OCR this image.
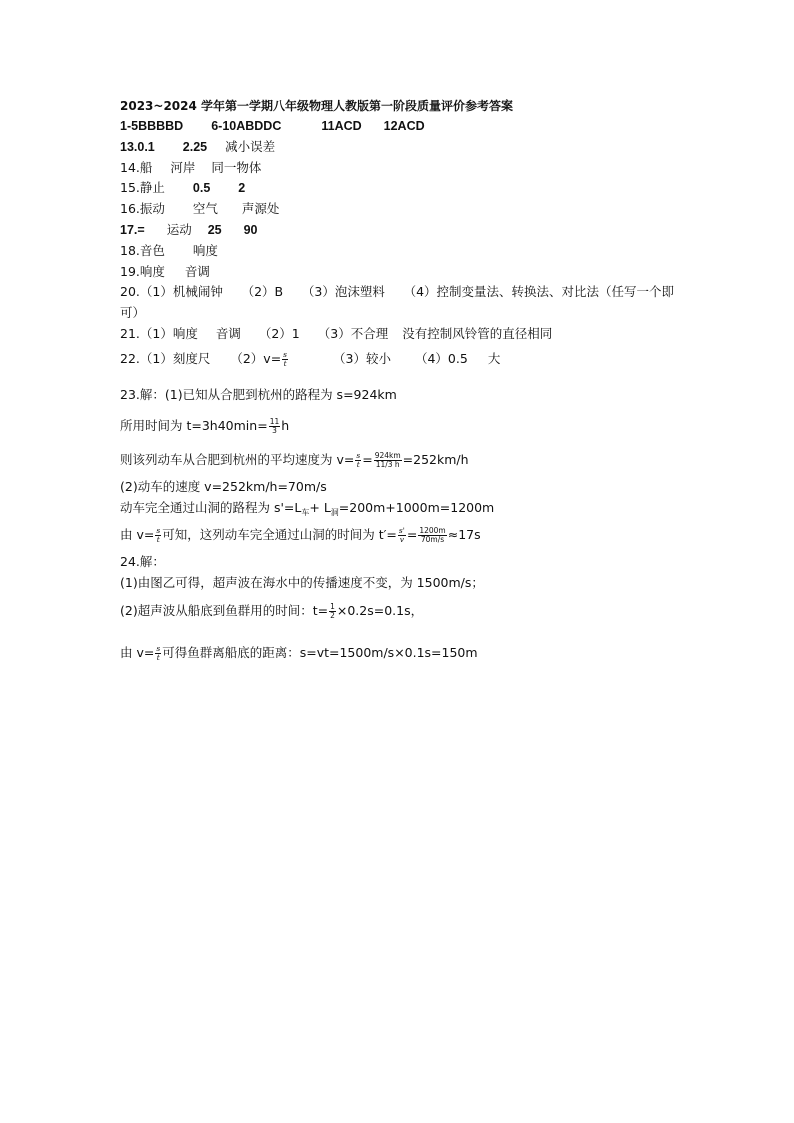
2023~2024 学年第一学期八年级物理人教版第一阶段质量评价参考答案
1-5BBBBD 6-10ABDDC	11ACD 12ACD
13.0.1 2.25 减小误差
14.船 河岸 同一物体
15.静止 0.5 2
16.振动 空气 声源处
17.= 运动 25 90
18.音色 响度
19.响度 音调
20.（1）机械闹钟　　（2）B　　（3）泡沫塑料　　（4）控制变量法、转换法、对比法（任写一个即可）
21.（1）响度 音调 （2）1 （3）不合理 没有控制风铃管的直径相同
22.（1）刻度尺 $(2)v= \frac{s}{t}$	（3）较小 （4）0.5 大
23.解：(1)已知从合肥到杭州的路程为 s=924km
所用时间为 $t=3h40\min= \frac{11}{3}$ h
则该列动车从合肥到杭州的平均速度为 $v= \frac{s}{t} = \frac{924km}{11/3 h} =252km/h$
(2)动车的速度 v=252km/h=70m/s
动车完全通过山洞的路程为 $s'=L_车+ L_洞=200m+1000m=1200m$
由 $v= \frac{s}{t}$ 可知，这列动车完全通过山洞的时间为 $t'= \frac{s'}{v} = \frac{1200m}{70m/s} \approx 17s$
24.解：
(1)由图乙可得，超声波在海水中的传播速度不变，为 1500m/s；
(2)超声波从船底到鱼群用的时间：$t= \frac{1}{2} \times 0.2s=0.1s$，
由 $v= \frac{s}{t}$ 可得鱼群离船底的距离：s=vt=1500m/s×0.1s=150m
